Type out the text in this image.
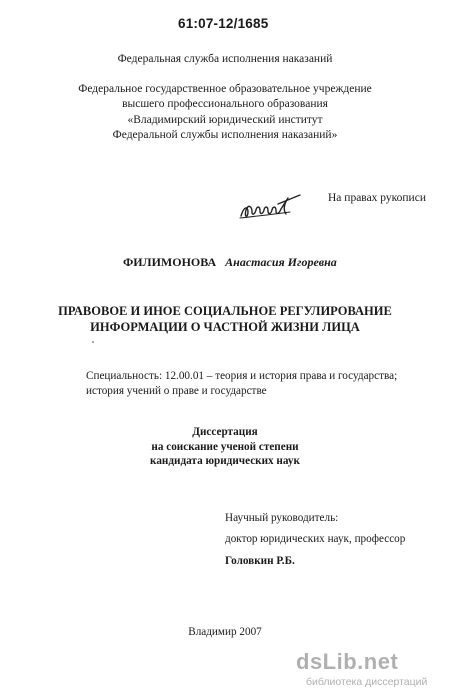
61:07-12/1685
Федеральная служба исполнения наказаний
Федеральное государственное образовательное учреждение
высшего профессионального образования
«Владимирский юридический институт
Федеральной службы исполнения наказаний»
На правах рукописи
ФИЛИМОНОВА Анастасия Игоревна
ПРАВОВОЕ И ИНОЕ СОЦИАЛЬНОЕ РЕГУЛИРОВАНИЕ
ИНФОРМАЦИИ О ЧАСТНОЙ ЖИЗНИ ЛИЦА
Специальность: 12.00.01 – теория и история права и государства;
история учений о праве и государстве
Диссертация
на соискание ученой степени
кандидата юридических наук
Научный руководитель:
доктор юридических наук, профессор
Головкин Р.Б.
Владимир 2007
dsLib.net
библиотека диссертаций
